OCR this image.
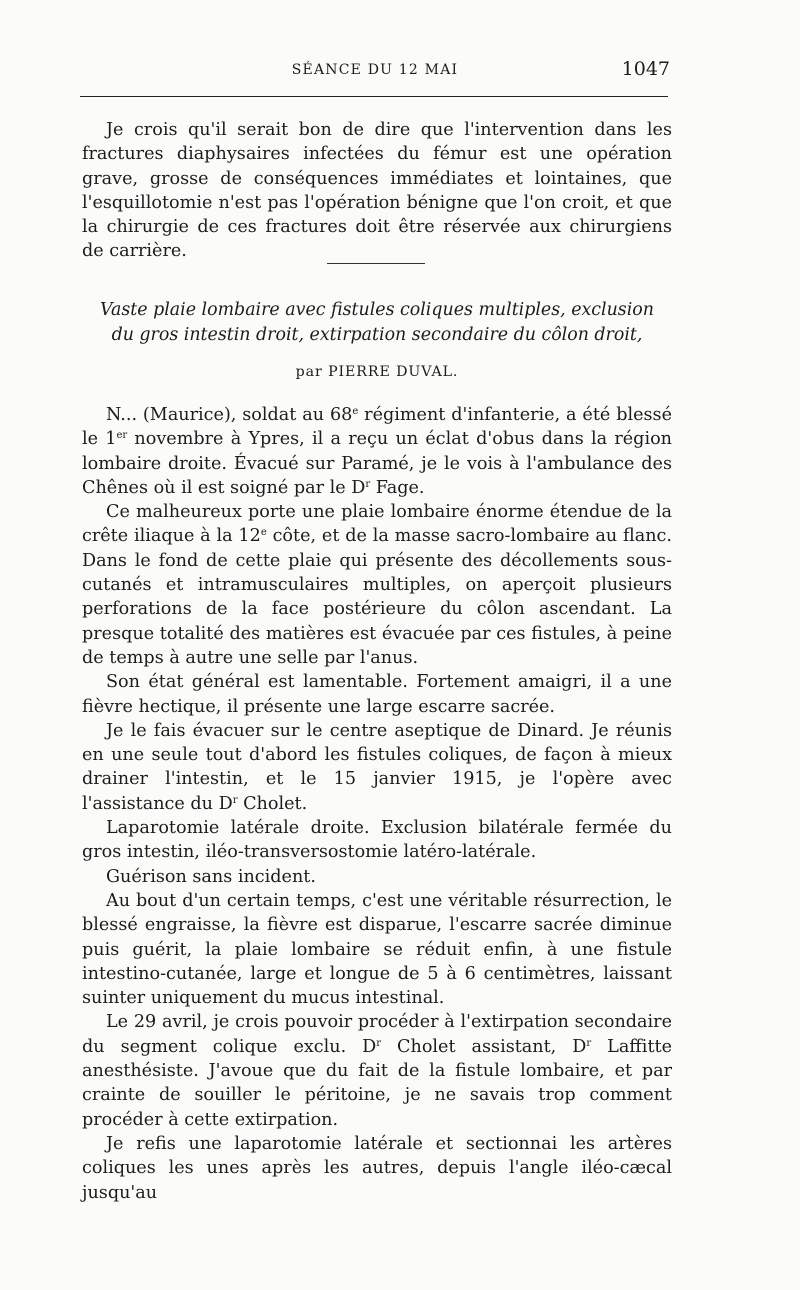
SÉANCE DU 12 MAI	1047

Je crois qu'il serait bon de dire que l'intervention dans les fractures diaphysaires infectées du fémur est une opération grave, grosse de conséquences immédiates et lointaines, que l'esquillotomie n'est pas l'opération bénigne que l'on croit, et que la chirurgie de ces fractures doit être réservée aux chirurgiens de carrière.

Vaste plaie lombaire avec fistules coliques multiples, exclusion
du gros intestin droit, extirpation secondaire du côlon droit,
par PIERRE DUVAL.

N... (Maurice), soldat au 68e régiment d'infanterie, a été blessé le 1er novembre à Ypres, il a reçu un éclat d'obus dans la région lombaire droite. Évacué sur Paramé, je le vois à l'ambulance des Chênes où il est soigné par le $D^r$ Fage.

Ce malheureux porte une plaie lombaire énorme étendue de la crête iliaque à la 12e côte, et de la masse sacro-lombaire au flanc. Dans le fond de cette plaie qui présente des décollements sous-cutanés et intramusculaires multiples, on aperçoit plusieurs perforations de la face postérieure du côlon ascendant. La presque totalité des matières est évacuée par ces fistules, à peine de temps à autre une selle par l'anus.

Son état général est lamentable. Fortement amaigri, il a une fièvre hectique, il présente une large escarre sacrée.

Je le fais évacuer sur le centre aseptique de Dinard. Je réunis en une seule tout d'abord les fistules coliques, de façon à mieux drainer l'intestin, et le 15 janvier 1915, je l'opère avec l'assistance du $D^r$ Cholet.

Laparotomie latérale droite. Exclusion bilatérale fermée du gros intestin, iléo-transversostomie latéro-latérale.

Guérison sans incident.

Au bout d'un certain temps, c'est une véritable résurrection, le blessé engraisse, la fièvre est disparue, l'escarre sacrée diminue puis guérit, la plaie lombaire se réduit enfin, à une fistule intestino-cutanée, large et longue de 5 à 6 centimètres, laissant suinter uniquement du mucus intestinal.

Le 29 avril, je crois pouvoir procéder à l'extirpation secondaire du segment colique exclu. $D^r$ Cholet assistant, $D^r$ Laffitte anesthésiste. J'avoue que du fait de la fistule lombaire, et par crainte de souiller le péritoine, je ne savais trop comment procéder à cette extirpation.

Je refis une laparotomie latérale et sectionnai les artères coliques les unes après les autres, depuis l'angle iléo-cæcal jusqu'au
